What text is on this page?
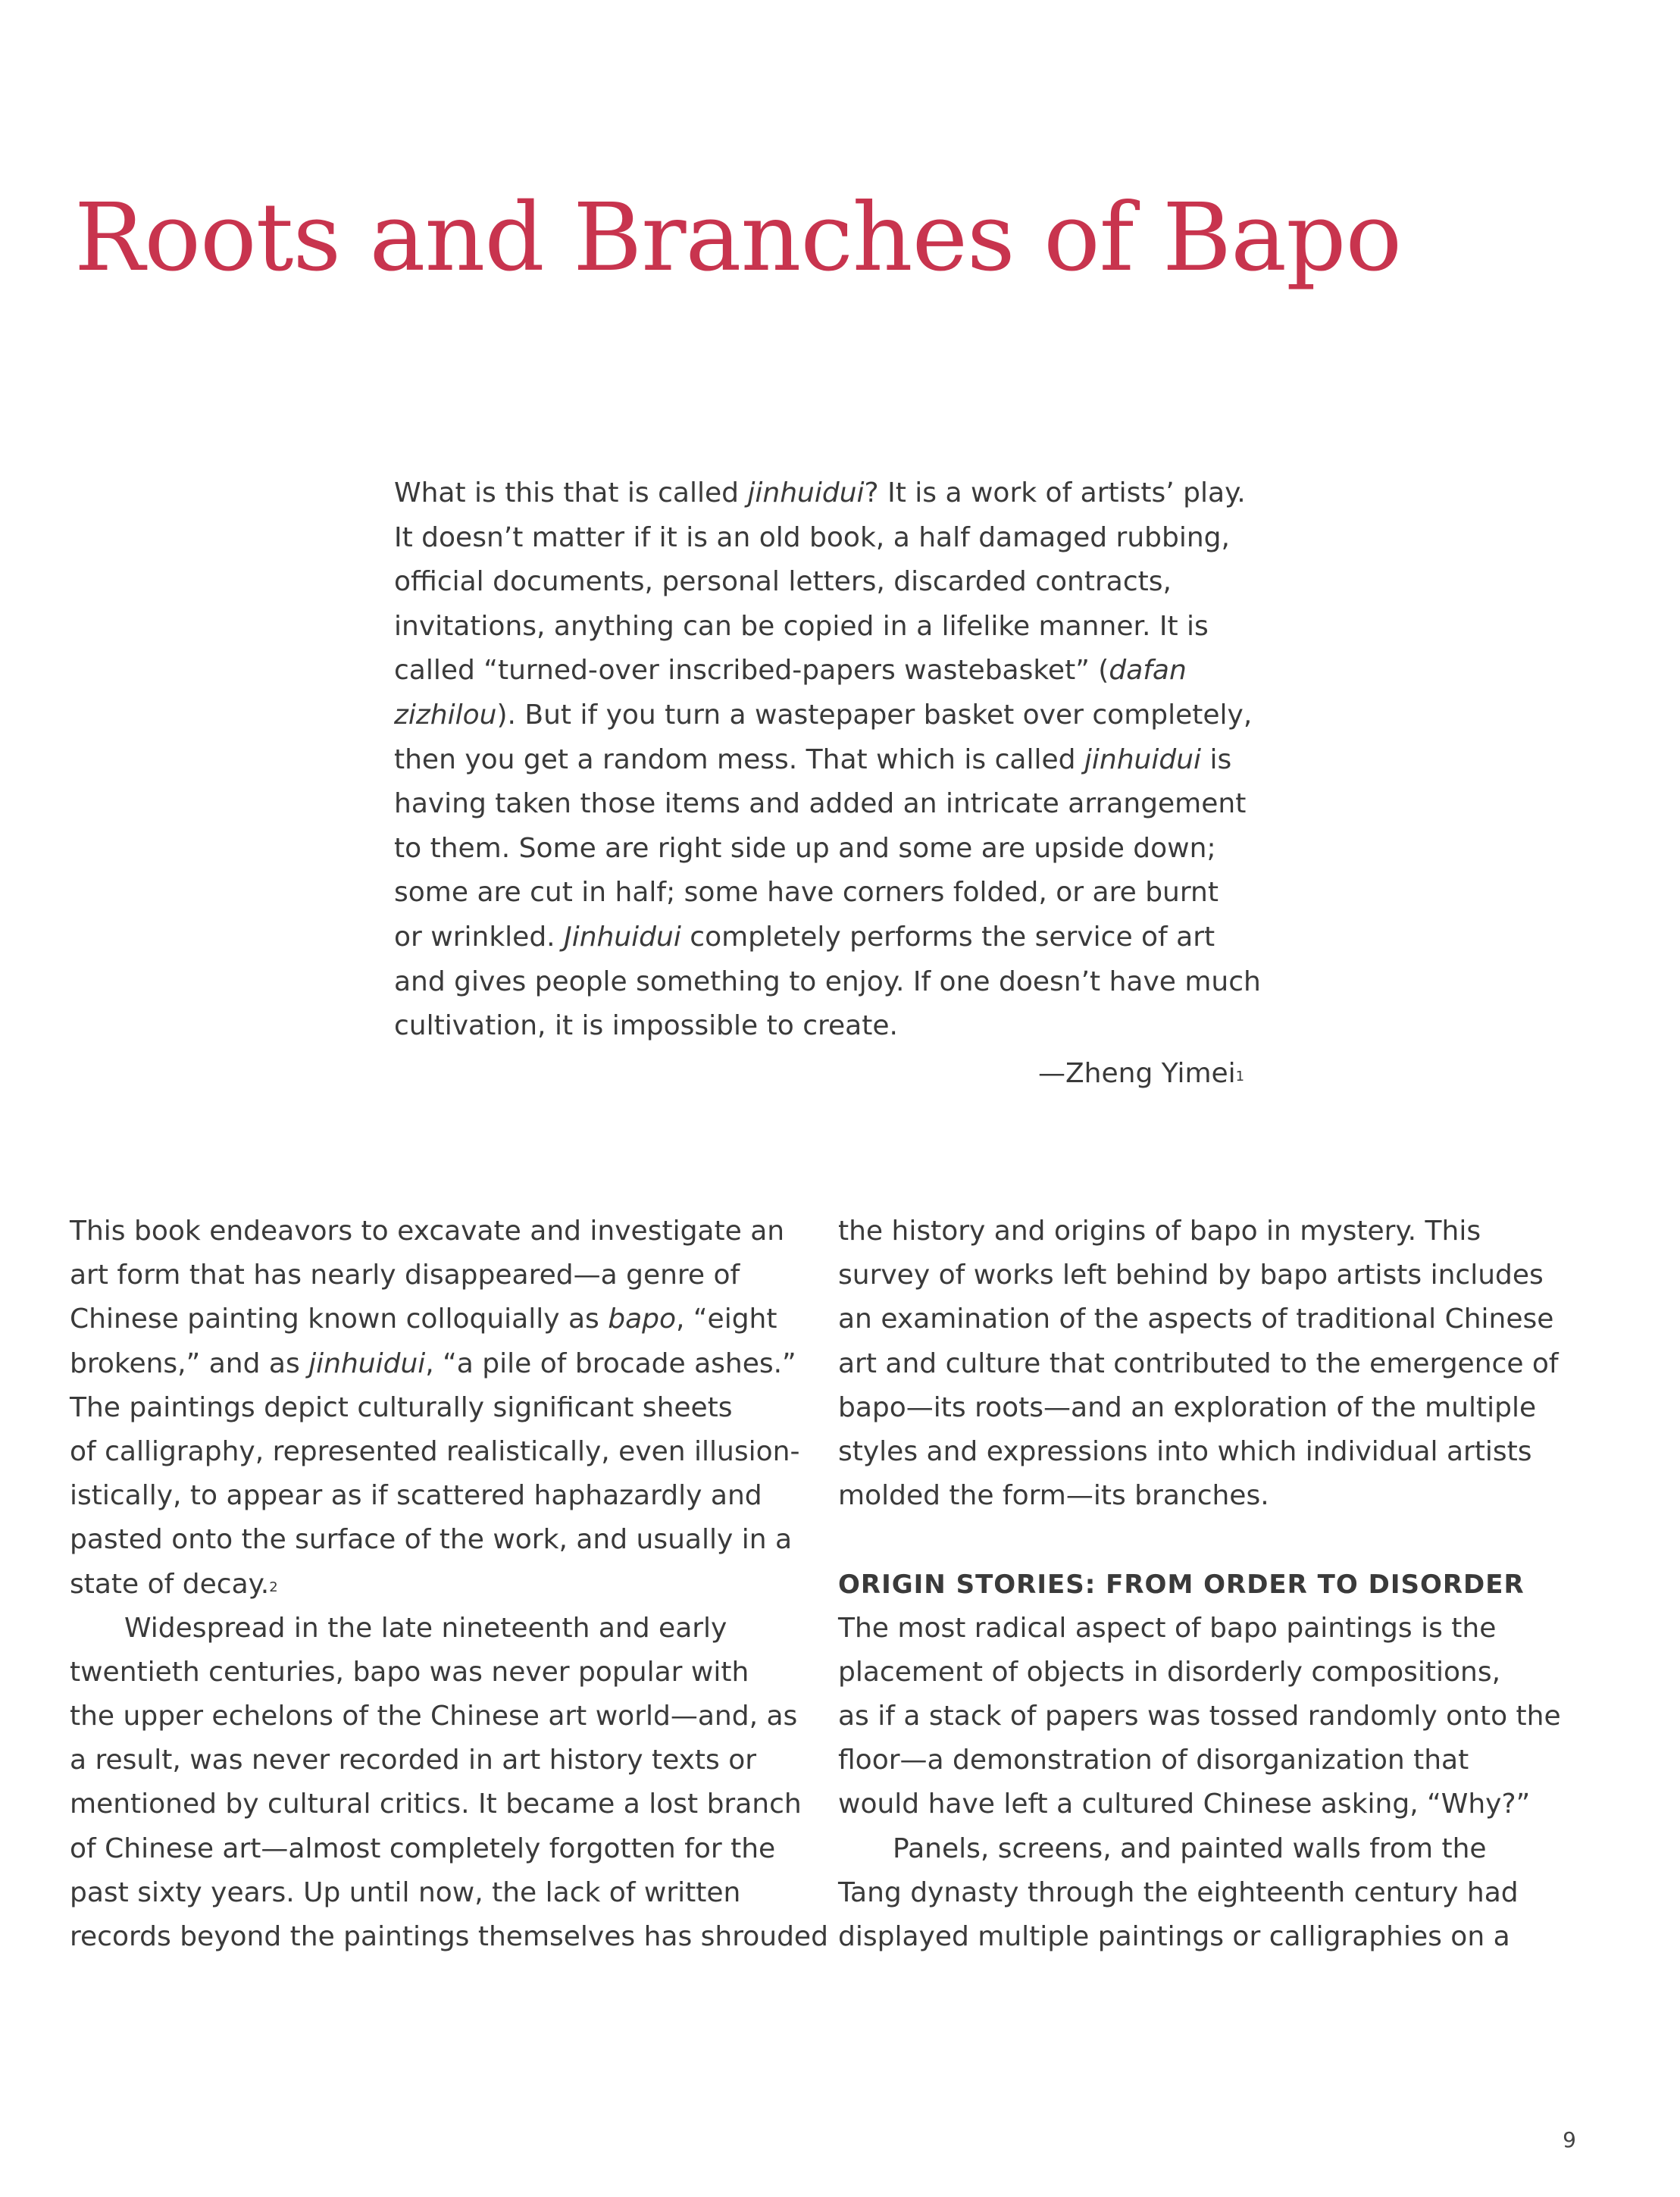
Roots and Branches of Bapo
What is this that is called jinhuidui? It is a work of artists’ play.
It doesn’t matter if it is an old book, a half damaged rubbing,
official documents, personal letters, discarded contracts,
invitations, anything can be copied in a lifelike manner. It is
called “turned-over inscribed-papers wastebasket” (dafan
zizhilou). But if you turn a wastepaper basket over completely,
then you get a random mess. That which is called jinhuidui is
having taken those items and added an intricate arrangement
to them. Some are right side up and some are upside down;
some are cut in half; some have corners folded, or are burnt
or wrinkled. Jinhuidui completely performs the service of art
and gives people something to enjoy. If one doesn’t have much
cultivation, it is impossible to create.
—Zheng Yimei$^1$
This book endeavors to excavate and investigate an
art form that has nearly disappeared—a genre of
Chinese painting known colloquially as bapo, “eight
brokens,” and as jinhuidui, “a pile of brocade ashes.”
The paintings depict culturally significant sheets
of calligraphy, represented realistically, even illusion-
istically, to appear as if scattered haphazardly and
pasted onto the surface of the work, and usually in a
state of decay.$^2$
Widespread in the late nineteenth and early
twentieth centuries, bapo was never popular with
the upper echelons of the Chinese art world—and, as
a result, was never recorded in art history texts or
mentioned by cultural critics. It became a lost branch
of Chinese art—almost completely forgotten for the
past sixty years. Up until now, the lack of written
records beyond the paintings themselves has shrouded
the history and origins of bapo in mystery. This
survey of works left behind by bapo artists includes
an examination of the aspects of traditional Chinese
art and culture that contributed to the emergence of
bapo—its roots—and an exploration of the multiple
styles and expressions into which individual artists
molded the form—its branches.
ORIGIN STORIES: FROM ORDER TO DISORDER
The most radical aspect of bapo paintings is the
placement of objects in disorderly compositions,
as if a stack of papers was tossed randomly onto the
floor—a demonstration of disorganization that
would have left a cultured Chinese asking, “Why?”
Panels, screens, and painted walls from the
Tang dynasty through the eighteenth century had
displayed multiple paintings or calligraphies on a
9
